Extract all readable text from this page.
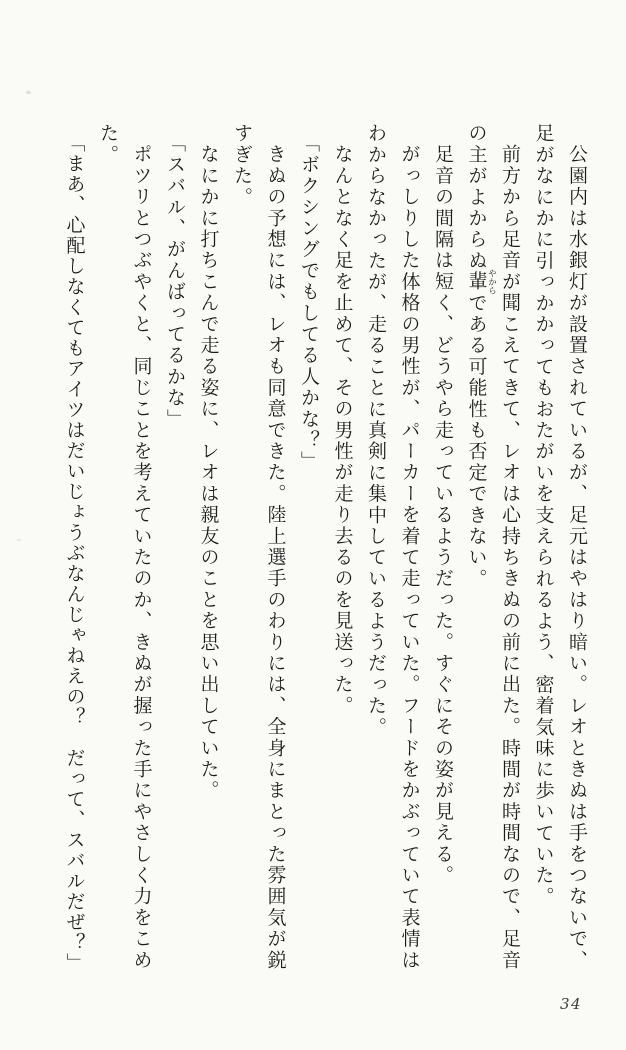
公園内は水銀灯が設置されているが、足元はやはり暗い。レオときぬは手をつないで、足がなにかに引っかかってもおたがいを支えられるよう、密着気味に歩いていた。

前方から足音が聞こえてきて、レオは心持ちきぬの前に出た。時間が時間なので、足音の主がよからぬ輩 やからである可能性も否定できない。

足音の間隔は短く、どうやら走っているようだった。すぐにその姿が見える。

がっしりした体格の男性が、パーカーを着て走っていた。フードをかぶっていて表情はわからなかったが、走ることに真剣に集中しているようだった。

なんとなく足を止めて、その男性が走り去るのを見送った。

「ボクシングでもしてる人かな？」

きぬの予想には、レオも同意できた。陸上選手のわりには、全身にまとった雰囲気が鋭すぎた。

なにかに打ちこんで走る姿に、レオは親友のことを思い出していた。

「スバル、がんばってるかな」

ポツリとつぶやくと、同じことを考えていたのか、きぬが握った手にやさしく力をこめた。

「まあ、心配しなくてもアイツはだいじょうぶなんじゃねえの？　だって、スバルだぜ？」

34
